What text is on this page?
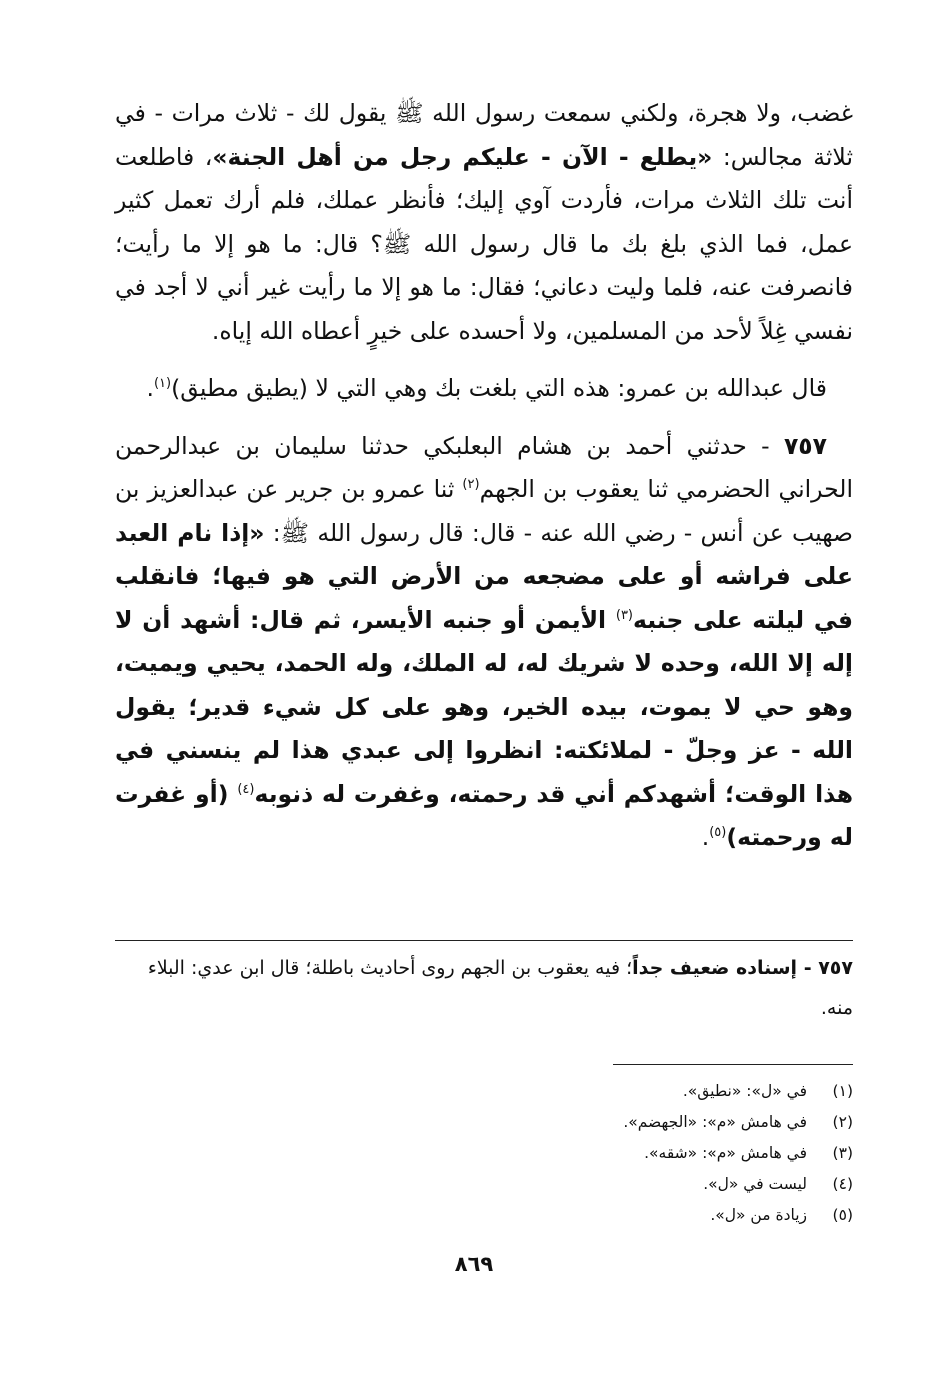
غضب، ولا هجرة، ولكني سمعت رسول الله ﷺ يقول لك - ثلاث مرات - في ثلاثة مجالس: «يطلع - الآن - عليكم رجل من أهل الجنة»، فاطلعت أنت تلك الثلاث مرات، فأردت آوي إليك؛ فأنظر عملك، فلم أرك تعمل كثير عمل، فما الذي بلغ بك ما قال رسول الله ﷺ؟ قال: ما هو إلا ما رأيت؛ فانصرفت عنه، فلما وليت دعاني؛ فقال: ما هو إلا ما رأيت غير أني لا أجد في نفسي غِلاً لأحد من المسلمين، ولا أحسده على خيرٍ أعطاه الله إياه.

قال عبدالله بن عمرو: هذه التي بلغت بك وهي التي لا (يطيق مطيق)$^{(١)}$.

٧٥٧ - حدثني أحمد بن هشام البعلبكي حدثنا سليمان بن عبدالرحمن الحراني الحضرمي ثنا يعقوب بن الجهم$^{(٢)}$ ثنا عمرو بن جرير عن عبدالعزيز بن صهيب عن أنس - رضي الله عنه - قال: قال رسول الله ﷺ: «إذا نام العبد على فراشه أو على مضجعه من الأرض التي هو فيها؛ فانقلب في ليلته على جنبه$^{(٣)}$ الأيمن أو جنبه الأيسر، ثم قال: أشهد أن لا إله إلا الله، وحده لا شريك له، له الملك، وله الحمد، يحيي ويميت، وهو حي لا يموت، بيده الخير، وهو على كل شيء قدير؛ يقول الله - عز وجلّ - لملائكته: انظروا إلى عبدي هذا لم ينسني في هذا الوقت؛ أشهدكم أني قد رحمته، وغفرت له ذنوبه$^{(٤)}$ (أو غفرت له ورحمته)$^{(٥)}$.

٧٥٧ - إسناده ضعيف جداً؛ فيه يعقوب بن الجهم روى أحاديث باطلة؛ قال ابن عدي: البلاء منه.
(١)
في «ل»: «نطيق».
(٢)
في هامش «م»: «الجهضم».
(٣)
في هامش «م»: «شقه».
(٤)
ليست في «ل».
(٥)
زيادة من «ل».
٨٦٩
